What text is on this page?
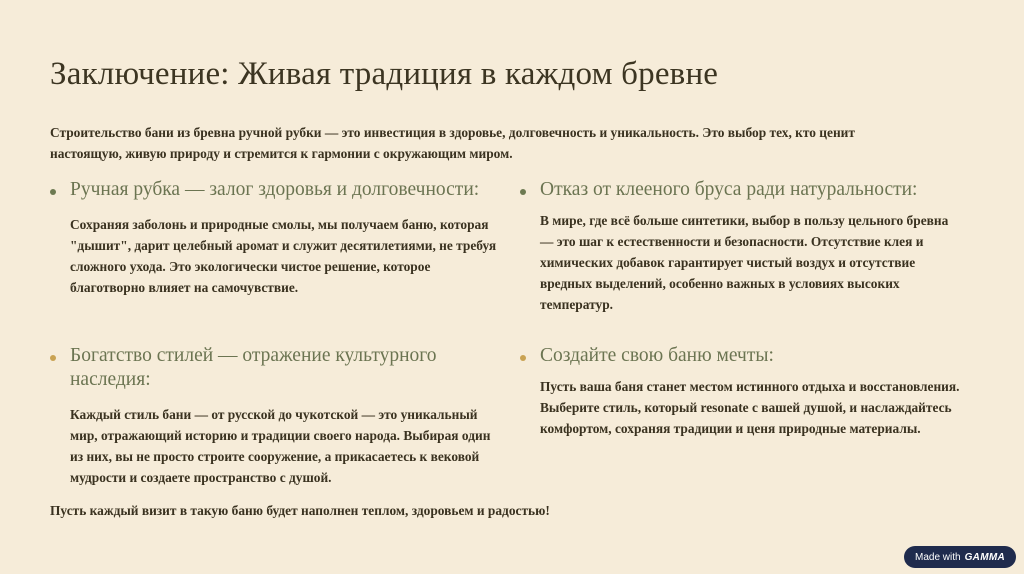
Заключение: Живая традиция в каждом бревне

Строительство бани из бревна ручной рубки — это инвестиция в здоровье, долговечность и уникальность. Это выбор тех, кто ценит настоящую, живую природу и стремится к гармонии с окружающим миром.

Ручная рубка — залог здоровья и долговечности:

Сохраняя заболонь и природные смолы, мы получаем баню, которая "дышит", дарит целебный аромат и служит десятилетиями, не требуя сложного ухода. Это экологически чистое решение, которое благотворно влияет на самочувствие.

Отказ от клееного бруса ради натуральности:

В мире, где всё больше синтетики, выбор в пользу цельного бревна — это шаг к естественности и безопасности. Отсутствие клея и химических добавок гарантирует чистый воздух и отсутствие вредных выделений, особенно важных в условиях высоких температур.

Богатство стилей — отражение культурного наследия:

Каждый стиль бани — от русской до чукотской — это уникальный мир, отражающий историю и традиции своего народа. Выбирая один из них, вы не просто строите сооружение, а прикасаетесь к вековой мудрости и создаете пространство с душой.

Создайте свою баню мечты:

Пусть ваша баня станет местом истинного отдыха и восстановления. Выберите стиль, который resonate с вашей душой, и наслаждайтесь комфортом, сохраняя традиции и ценя природные материалы.

Пусть каждый визит в такую баню будет наполнен теплом, здоровьем и радостью!

Made with GAMMA
